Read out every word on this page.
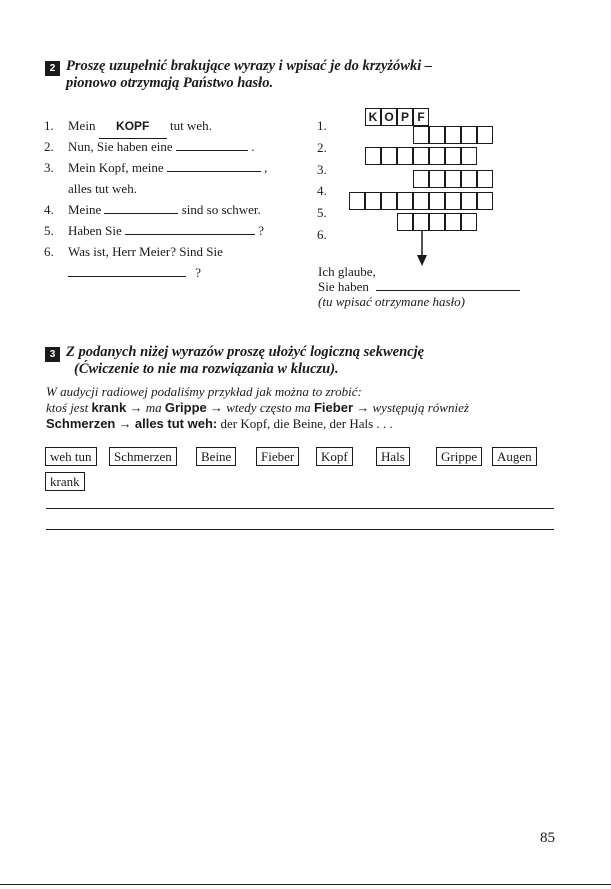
2 Proszę uzupełnić brakujące wyrazy i wpisać je do krzyżówki –
pionowo otrzymają Państwo hasło.
1. Mein KOPF tut weh.
2. Nun, Sie haben eine	.
3. Mein Kopf, meine	,
alles tut weh.
4. Meine	sind so schwer.
5. Haben Sie	?
6. Was ist, Herr Meier? Sind Sie
?
1.
2.
3.
4.
5.
6.
K O P F
Ich glaube,
Sie haben
(tu wpisać otrzymane hasło)
3 Z podanych niżej wyrazów proszę ułożyć logiczną sekwencję
(Ćwiczenie to nie ma rozwiązania w kluczu).
W audycji radiowej podaliśmy przykład jak można to zrobić:
ktoś jest krank → ma Grippe → wtedy często ma Fieber → występują również
Schmerzen → alles tut weh: der Kopf, die Beine, der Hals . . .
weh tun	Schmerzen	Beine	Fieber	Kopf	Hals	Grippe	Augen
krank
85
